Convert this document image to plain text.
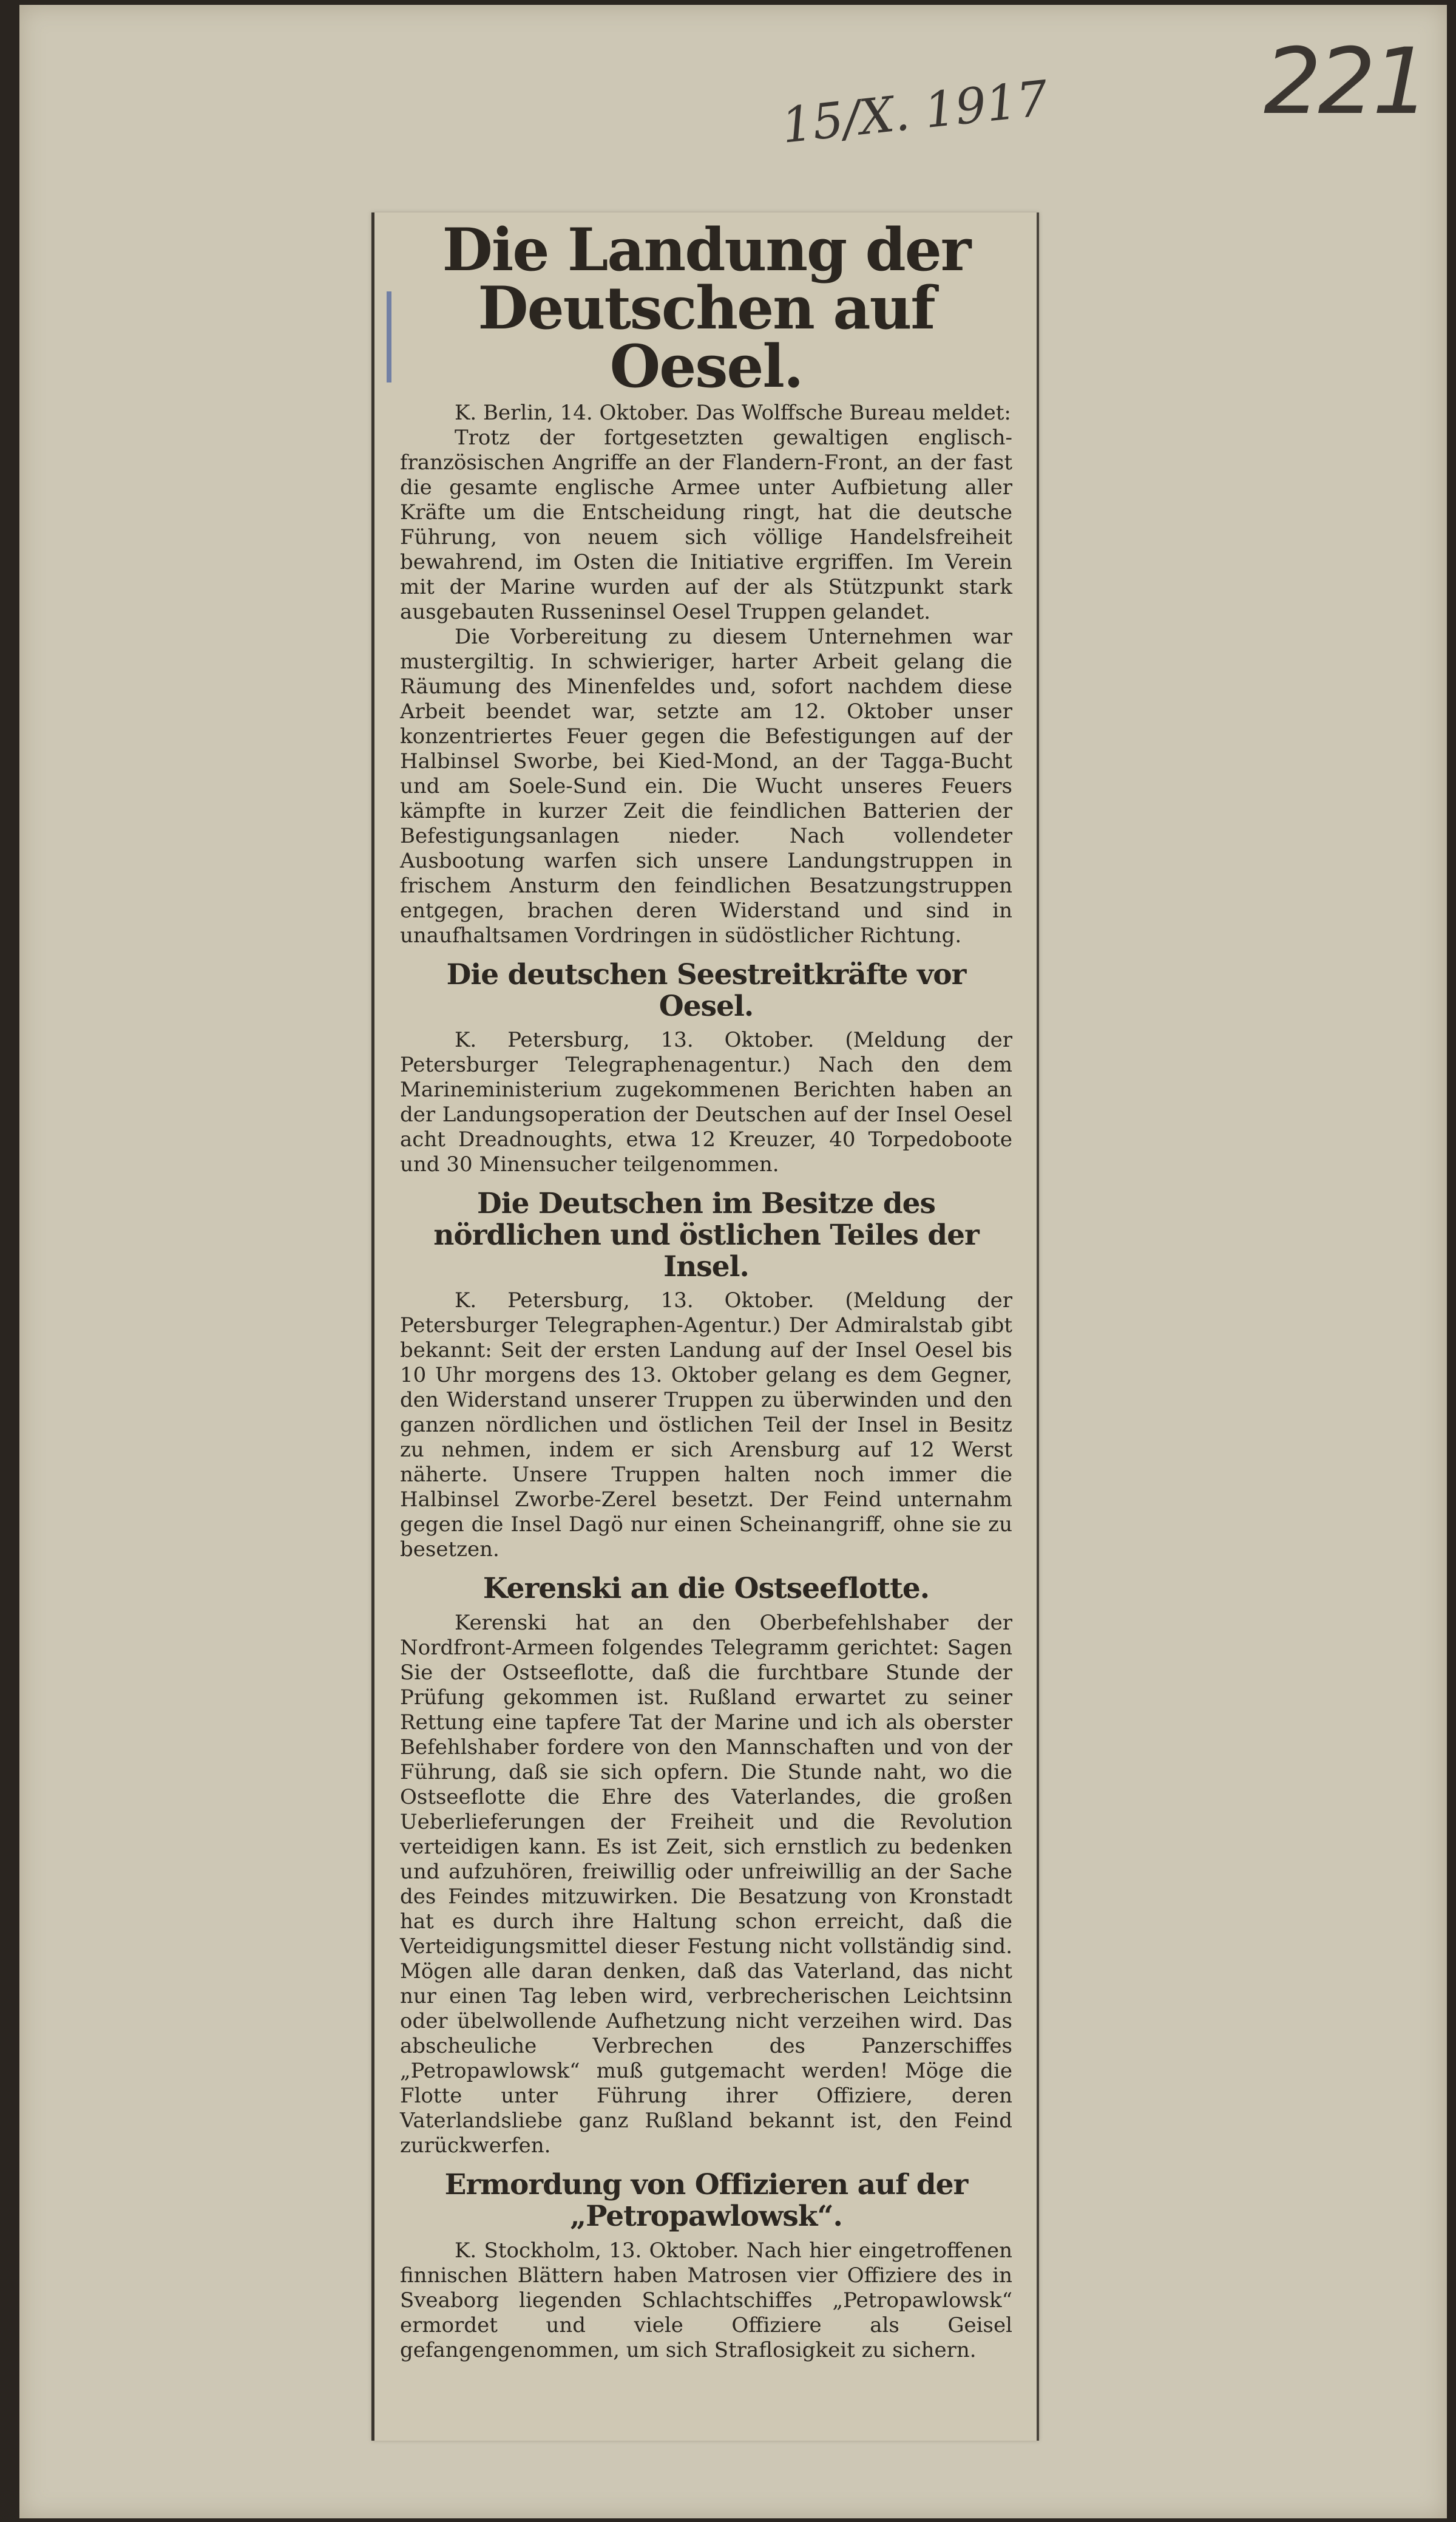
221
15/X. 1917
Die Landung der Deutschen auf Oesel.

K. Berlin, 14. Oktober. Das Wolffsche Bureau meldet:

Trotz der fortgesetzten gewaltigen englisch-französischen Angriffe an der Flandern-Front, an der fast die gesamte englische Armee unter Aufbietung aller Kräfte um die Entscheidung ringt, hat die deutsche Führung, von neuem sich völlige Handelsfreiheit bewahrend, im Osten die Initiative ergriffen. Im Verein mit der Marine wurden auf der als Stützpunkt stark ausgebauten Russeninsel Oesel Truppen gelandet.

Die Vorbereitung zu diesem Unternehmen war mustergiltig. In schwieriger, harter Arbeit gelang die Räumung des Minenfeldes und, sofort nachdem diese Arbeit beendet war, setzte am 12. Oktober unser konzentriertes Feuer gegen die Befestigungen auf der Halbinsel Sworbe, bei Kied-Mond, an der Tagga-Bucht und am Soele-Sund ein. Die Wucht unseres Feuers kämpfte in kurzer Zeit die feindlichen Batterien der Befestigungsanlagen nieder. Nach vollendeter Ausbootung warfen sich unsere Landungstruppen in frischem Ansturm den feindlichen Besatzungstruppen entgegen, brachen deren Widerstand und sind in unaufhaltsamen Vordringen in südöstlicher Richtung.

Die deutschen Seestreitkräfte vor Oesel.

K. Petersburg, 13. Oktober. (Meldung der Petersburger Telegraphenagentur.) Nach den dem Marineministerium zugekommenen Berichten haben an der Landungsoperation der Deutschen auf der Insel Oesel acht Dreadnoughts, etwa 12 Kreuzer, 40 Torpedoboote und 30 Minensucher teilgenommen.

Die Deutschen im Besitze des nördlichen und östlichen Teiles der Insel.

K. Petersburg, 13. Oktober. (Meldung der Petersburger Telegraphen-Agentur.) Der Admiralstab gibt bekannt: Seit der ersten Landung auf der Insel Oesel bis 10 Uhr morgens des 13. Oktober gelang es dem Gegner, den Widerstand unserer Truppen zu überwinden und den ganzen nördlichen und östlichen Teil der Insel in Besitz zu nehmen, indem er sich Arensburg auf 12 Werst näherte. Unsere Truppen halten noch immer die Halbinsel Zworbe-Zerel besetzt. Der Feind unternahm gegen die Insel Dagö nur einen Scheinangriff, ohne sie zu besetzen.

Kerenski an die Ostseeflotte.

Kerenski hat an den Oberbefehlshaber der Nordfront-Armeen folgendes Telegramm gerichtet: Sagen Sie der Ostseeflotte, daß die furchtbare Stunde der Prüfung gekommen ist. Rußland erwartet zu seiner Rettung eine tapfere Tat der Marine und ich als oberster Befehlshaber fordere von den Mannschaften und von der Führung, daß sie sich opfern. Die Stunde naht, wo die Ostseeflotte die Ehre des Vaterlandes, die großen Ueberlieferungen der Freiheit und die Revolution verteidigen kann. Es ist Zeit, sich ernstlich zu bedenken und aufzuhören, freiwillig oder unfreiwillig an der Sache des Feindes mitzuwirken. Die Besatzung von Kronstadt hat es durch ihre Haltung schon erreicht, daß die Verteidigungsmittel dieser Festung nicht vollständig sind. Mögen alle daran denken, daß das Vaterland, das nicht nur einen Tag leben wird, verbrecherischen Leichtsinn oder übelwollende Aufhetzung nicht verzeihen wird. Das abscheuliche Verbrechen des Panzerschiffes „Petropawlowsk“ muß gutgemacht werden! Möge die Flotte unter Führung ihrer Offiziere, deren Vaterlandsliebe ganz Rußland bekannt ist, den Feind zurückwerfen.

Ermordung von Offizieren auf der „Petropawlowsk“.

K. Stockholm, 13. Oktober. Nach hier eingetroffenen finnischen Blättern haben Matrosen vier Offiziere des in Sveaborg liegenden Schlachtschiffes „Petropawlowsk“ ermordet und viele Offiziere als Geisel gefangengenommen, um sich Straflosigkeit zu sichern.
